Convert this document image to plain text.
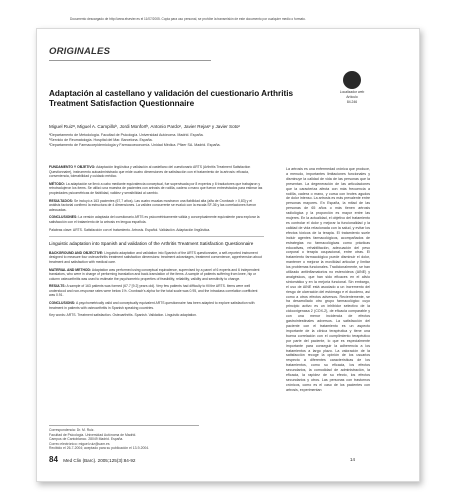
Documento descargado de http://www.elsevier.es el 11/07/2005. Copia para uso personal, se prohíbe la transmisión de este documento por cualquier medio o formato.
ORIGINALES
Adaptación al castellano y validación del cuestionario Arthritis Treatment Satisfaction Questionnaire
Localizador web
Artículo
84.246
Miguel Ruizᵃ, Miguel A. Campilloᵇ, Jordi Monfortᵇ, Antonio Pardoᶜ, Javier Rejasᶜ y Javier Sotoᶜ
ᵃDepartamento de Metodología. Facultad de Psicología. Universidad Autónoma. Madrid. España.
ᵇServicio de Reumatología. Hospital del Mar. Barcelona. España.
ᶜDepartamento de Farmacoepidemiología y Farmacoeconomía. Unidad Médica. Pfizer SA. Madrid. España.

FUNDAMENTO Y OBJETIVO: Adaptación lingüística y validación al castellano del cuestionario ARTS (Arthritis Treatment Satisfaction Questionnaire), instrumento autoadministrado que mide cuatro dimensiones de satisfacción con el tratamiento de la artrosis: eficacia, conveniencia, tolerabilidad y cuidado médico.

MÉTODO: La adaptación se llevó a cabo mediante equivalencia conceptual, fue supervisada por 8 expertos y 6 traductores que trabajaron y retrotradujeron los ítems. Se utilizó una muestra de pacientes con artrosis de rodilla, cadera o mano que fueron entrevistados para estimar las propiedades psicométricas de fiabilidad, validez y sensibilidad al cambio.

RESULTADOS: Se incluyó a 163 pacientes (67,7 años). Las cuatro escalas mostraron una fiabilidad alta (alfa de Cronbach > 0,83) y el análisis factorial confirmó la estructura de 4 dimensiones. La validez concurrente se evaluó con la escala SF-36 y las correlaciones fueron adecuadas.

CONCLUSIONES: La versión adaptada del cuestionario ARTS es psicométricamente válida y conceptualmente equivalente para explorar la satisfacción con el tratamiento de la artrosis en lengua española.

Palabras clave: ARTS. Satisfacción con el tratamiento. Artrosis. Español. Validación. Adaptación lingüística.

Linguistic adaptation into Spanish and validation of the Arthritis Treatment Satisfaction Questionnaire

BACKGROUND AND OBJECTIVE: Linguistic adaptation and validation into Spanish of the ARTS questionnaire, a self-reported instrument designed to measure four osteoarthritis treatment satisfaction dimensions: treatment advantages, treatment convenience, apprehension about treatment and satisfaction with medical care.

MATERIAL AND METHOD: Adaptation was performed using conceptual equivalence, supervised by a panel of 6 experts and 6 independent translators, who were in charge of performing translation and back-translation of the items. A sample of patients suffering from knee, hip or column osteoarthritis was used to estimate the psychometric properties of feasibility, reliability, validity and sensitivity to change.

RESULTS: A sample of 163 patients was formed (67.7 [9.2] years old). Very few patients had difficulty to fill the ARTS. Items were well understood and non-response rates were below 1%. Cronbach's alpha for the total scale was 0.95, and the intraclass correlation coefficient was 0.91.

CONCLUSIONS: A psychometrically valid and conceptually equivalent ARTS questionnaire has been adapted to explore satisfaction with treatment in patients with osteoarthritis in Spanish speaking countries.

Key words: ARTS. Treatment satisfaction. Osteoarthritis. Spanish. Validation. Linguistic adaptation.

La artrosis es una enfermedad crónica que produce, a menudo, importantes limitaciones funcionales y disminuye la calidad de vida de las personas que la presentan. La degeneración de las articulaciones que la caracteriza afecta con más frecuencia a rodilla, cadera o mano, y cursa con brotes agudos de dolor intenso. La artrosis es más prevalente entre personas mayores. En España, la mitad de las personas de 65 años o más tienen artrosis radiológica y la proporción es mayor entre las mujeres. En la actualidad, el objetivo del tratamiento es controlar el dolor y mejorar la funcionalidad y la calidad de vida relacionada con la salud, y evitar los efectos tóxicos de la terapia. El tratamiento suele incluir agentes farmacológicos, acompañados de estrategias no farmacológicas como prácticas educativas, rehabilitación, adecuación del peso corporal o terapia ocupacional, entre otras. El tratamiento farmacológico puede disminuir el dolor, mantener o mejorar la movilidad articular y limitar los problemas funcionales. Tradicionalmente, se han utilizado antiinflamatorios no esteroideos (AINE) y analgésicos, que han sido eficaces en el alivio sintomático y en la mejoría funcional. Sin embargo, el uso de AINE está asociado a un incremento del riesgo de ulceración del estómago e el duodeno, así como a otros efectos adversos. Recientemente, se ha desarrollado otro grupo farmacológico cuyo principio activo es un inhibidor selectivo de la ciclooxigenasa 2 (COX-2), de eficacia comparable y con una menor incidencia de efectos gastrointestinales adversos. La satisfacción del paciente con el tratamiento es un aspecto importante de la clínica terapéutica y tiene una buena correlación con el cumplimiento terapéutico por parte del paciente, lo que es especialmente importante para conseguir la adherencia a los tratamientos a largo plazo. La valoración de la satisfacción recoge la opinión de los usuarios respecto a diferentes características de los tratamientos, como su eficacia, los efectos secundarios, la comodidad de administración, la eficacia, la rapidez de su efecto, los efectos secundarios y otros. Las personas con trastornos crónicos, como es el caso de los pacientes con artrosis, experimentan
Correspondencia: Dr. M. Ruiz.
Facultad de Psicología. Universidad Autónoma de Madrid.
Campus de Cantoblanco. 28049 Madrid. España.
Correo electrónico: miguel.ruiz@uam.es
Recibido el 26-7-2004; aceptado para su publicación el 13-9-2004.
84 Med Clin (Barc). 2005;125(3):84-92	14
